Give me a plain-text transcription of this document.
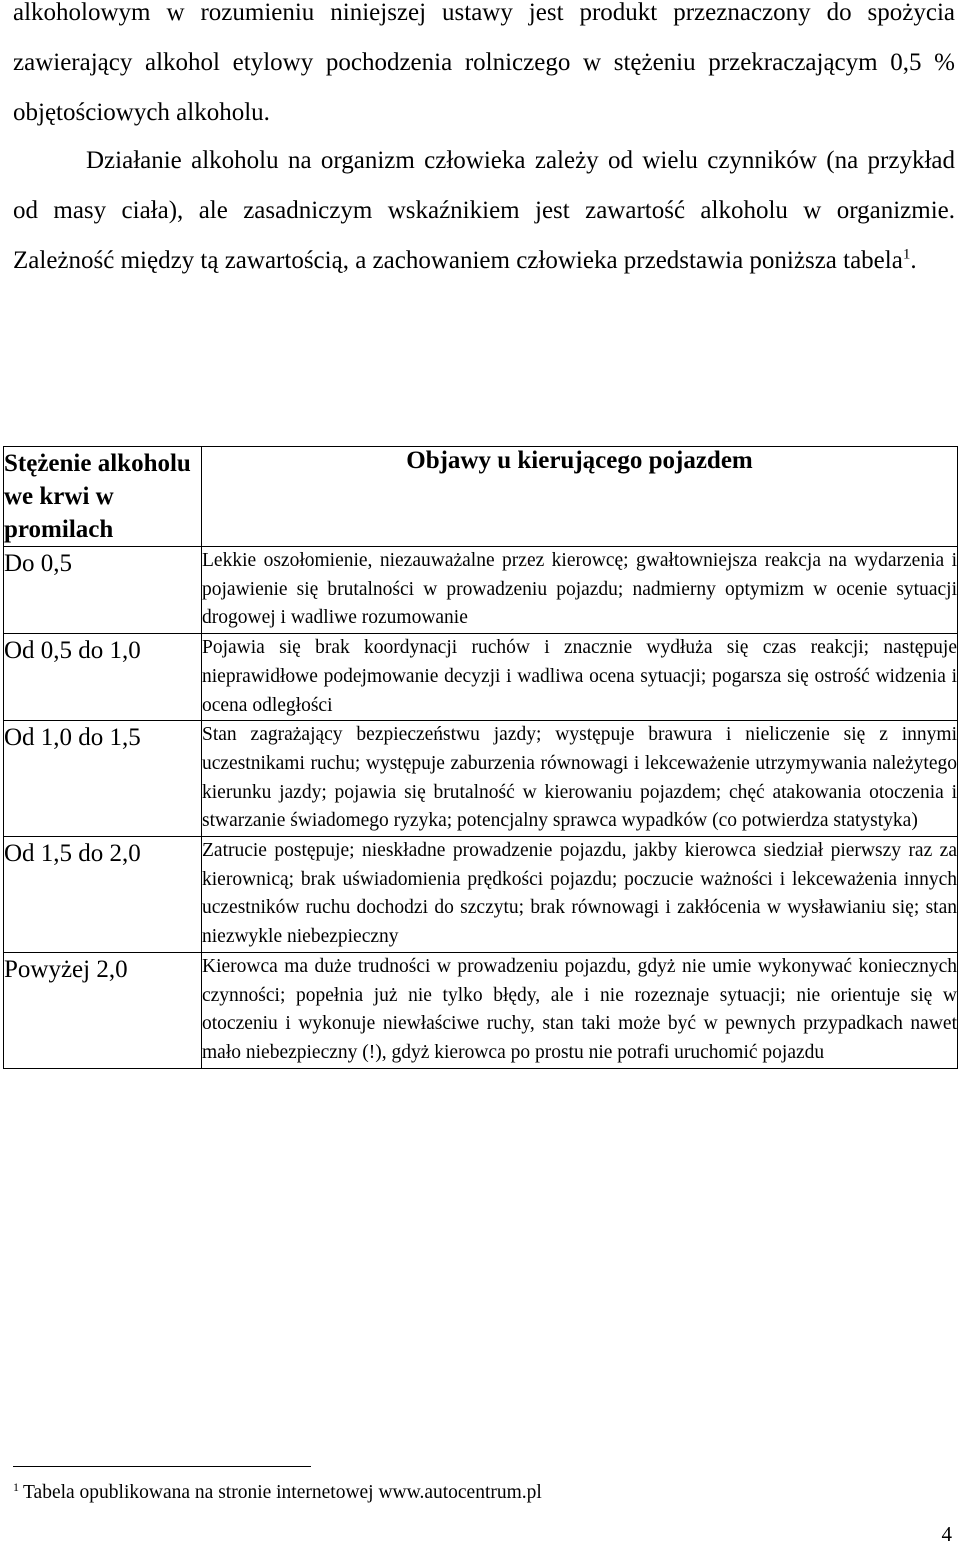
alkoholowym w rozumieniu niniejszej ustawy jest produkt przeznaczony do spożycia zawierający alkohol etylowy pochodzenia rolniczego w stężeniu przekraczającym 0,5 % objętościowych alkoholu.

Działanie alkoholu na organizm człowieka zależy od wielu czynników (na przykład od masy ciała), ale zasadniczym wskaźnikiem jest zawartość alkoholu w organizmie. Zależność między tą zawartością, a zachowaniem człowieka przedstawia poniższa tabela$^1$.

Stężenie alkoholu we krwi w promilach	Objawy u kierującego pojazdem
Do 0,5	Lekkie oszołomienie, niezauważalne przez kierowcę; gwałtowniejsza reakcja na wydarzenia i pojawienie się brutalności w prowadzeniu pojazdu; nadmierny optymizm w ocenie sytuacji drogowej i wadliwe rozumowanie
Od 0,5 do 1,0	Pojawia się brak koordynacji ruchów i znacznie wydłuża się czas reakcji; następuje nieprawidłowe podejmowanie decyzji i wadliwa ocena sytuacji; pogarsza się ostrość widzenia i ocena odległości
Od 1,0 do 1,5	Stan zagrażający bezpieczeństwu jazdy; występuje brawura i nieliczenie się z innymi uczestnikami ruchu; występuje zaburzenia równowagi i lekceważenie utrzymywania należytego kierunku jazdy; pojawia się brutalność w kierowaniu pojazdem; chęć atakowania otoczenia i stwarzanie świadomego ryzyka; potencjalny sprawca wypadków (co potwierdza statystyka)
Od 1,5 do 2,0	Zatrucie postępuje; nieskładne prowadzenie pojazdu, jakby kierowca siedział pierwszy raz za kierownicą; brak uświadomienia prędkości pojazdu; poczucie ważności i lekceważenia innych uczestników ruchu dochodzi do szczytu; brak równowagi i zakłócenia w wysławianiu się; stan niezwykle niebezpieczny
Powyżej 2,0	Kierowca ma duże trudności w prowadzeniu pojazdu, gdyż nie umie wykonywać koniecznych czynności; popełnia już nie tylko błędy, ale i nie rozeznaje sytuacji; nie orientuje się w otoczeniu i wykonuje niewłaściwe ruchy, stan taki może być w pewnych przypadkach nawet mało niebezpieczny (!), gdyż kierowca po prostu nie potrafi uruchomić pojazdu
$^1$ Tabela opublikowana na stronie internetowej www.autocentrum.pl
4
